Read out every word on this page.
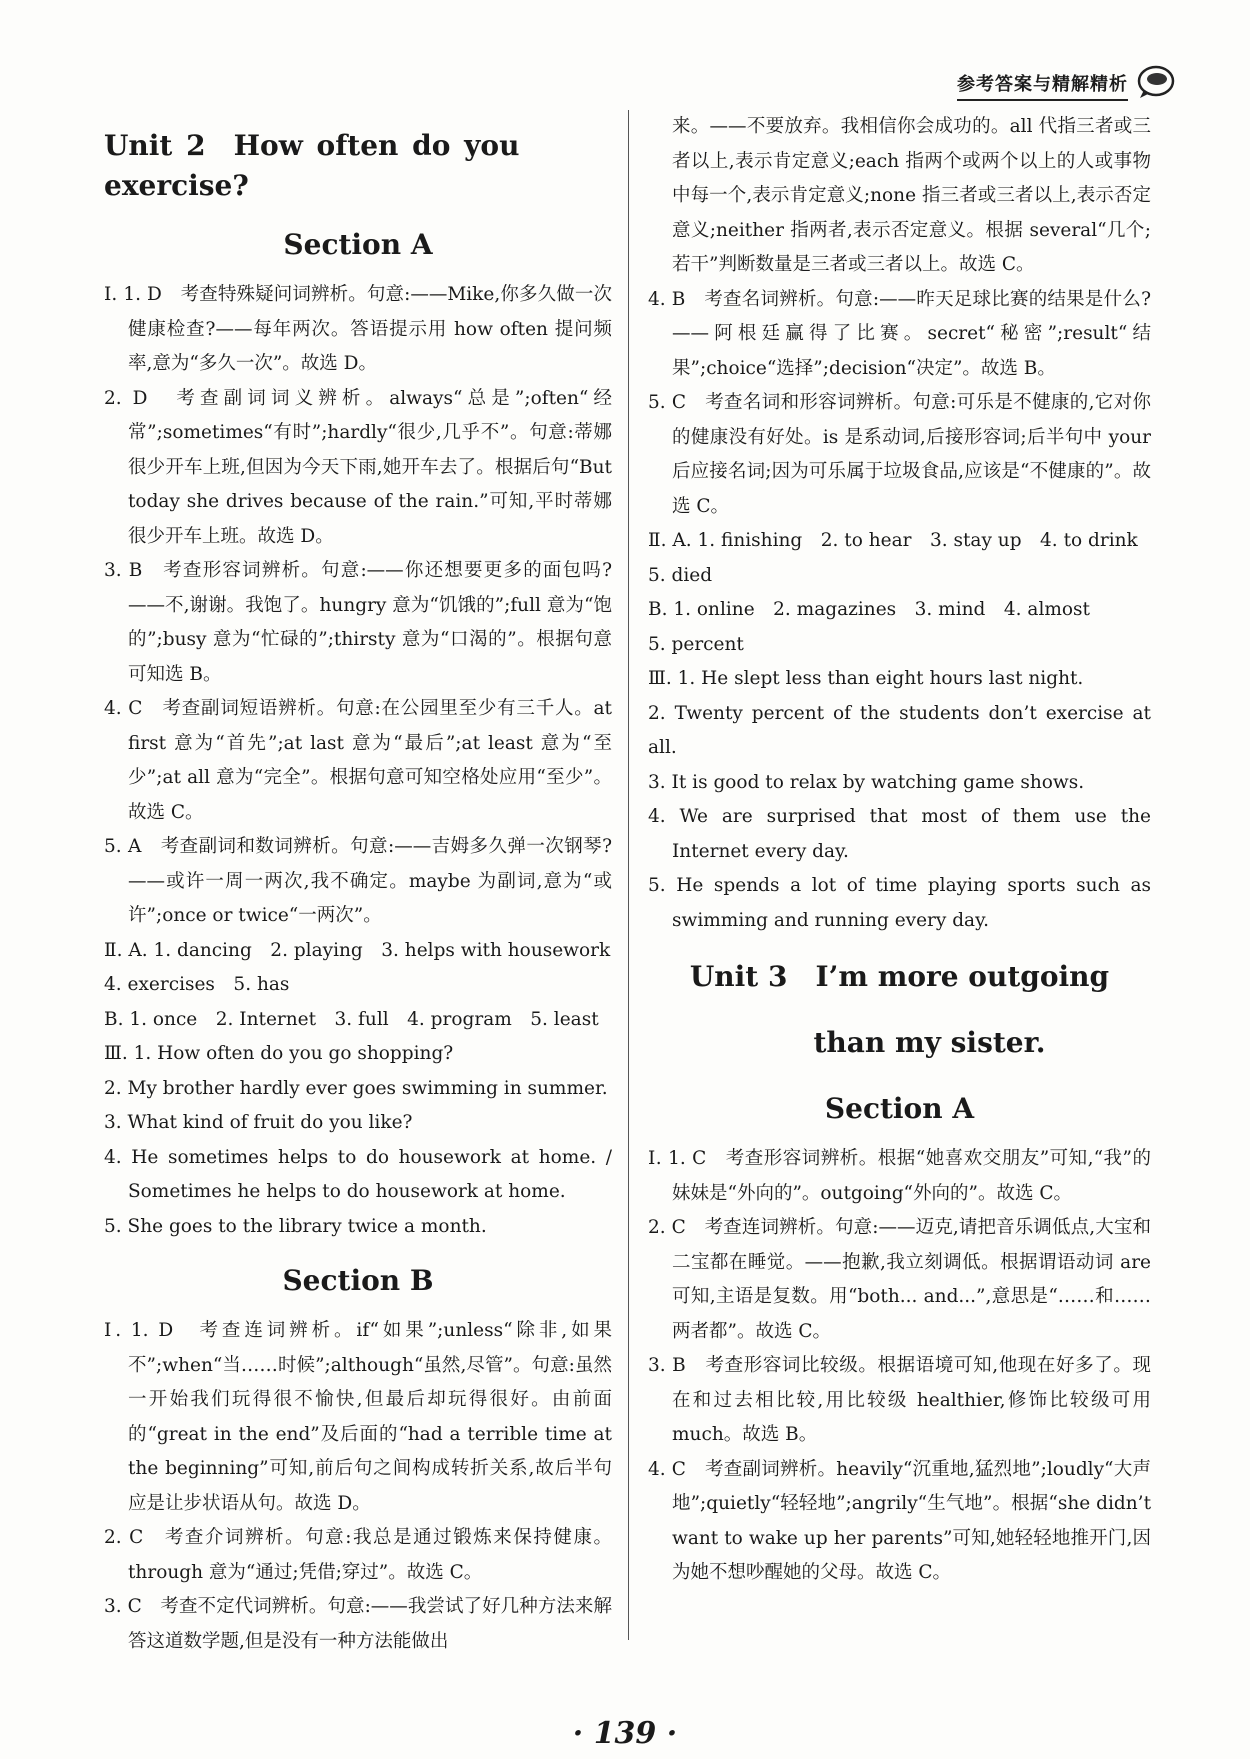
参考答案与精解精析
Unit 2　How often do you exercise?
Section A
Ⅰ. 1. D　考查特殊疑问词辨析。句意:——Mike,你多久做一次健康检查?——每年两次。答语提示用 how often 提问频率,意为“多久一次”。故选 D。
2. D　考查副词词义辨析。always“总是”;often“经常”;sometimes“有时”;hardly“很少,几乎不”。句意:蒂娜很少开车上班,但因为今天下雨,她开车去了。根据后句“But today she drives because of the rain.”可知,平时蒂娜很少开车上班。故选 D。
3. B　考查形容词辨析。句意:——你还想要更多的面包吗?——不,谢谢。我饱了。hungry 意为“饥饿的”;full 意为“饱的”;busy 意为“忙碌的”;thirsty 意为“口渴的”。根据句意可知选 B。
4. C　考查副词短语辨析。句意:在公园里至少有三千人。at first 意为“首先”;at last 意为“最后”;at least 意为“至少”;at all 意为“完全”。根据句意可知空格处应用“至少”。故选 C。
5. A　考查副词和数词辨析。句意:——吉姆多久弹一次钢琴?——或许一周一两次,我不确定。maybe 为副词,意为“或许”;once or twice“一两次”。
Ⅱ. A. 1. dancing　2. playing　3. helps with housework
4. exercises　5. has
B. 1. once　2. Internet　3. full　4. program　5. least
Ⅲ. 1. How often do you go shopping?
2. My brother hardly ever goes swimming in summer.
3. What kind of fruit do you like?
4. He sometimes helps to do housework at home. / Sometimes he helps to do housework at home.
5. She goes to the library twice a month.
Section B
Ⅰ. 1. D　考查连词辨析。if“如果”;unless“除非,如果不”;when“当……时候”;although“虽然,尽管”。句意:虽然一开始我们玩得很不愉快,但最后却玩得很好。由前面的“great in the end”及后面的“had a terrible time at the beginning”可知,前后句之间构成转折关系,故后半句应是让步状语从句。故选 D。
2. C　考查介词辨析。句意:我总是通过锻炼来保持健康。through 意为“通过;凭借;穿过”。故选 C。
3. C　考查不定代词辨析。句意:——我尝试了好几种方法来解答这道数学题,但是没有一种方法能做出
来。——不要放弃。我相信你会成功的。all 代指三者或三者以上,表示肯定意义;each 指两个或两个以上的人或事物中每一个,表示肯定意义;none 指三者或三者以上,表示否定意义;neither 指两者,表示否定意义。根据 several“几个;若干”判断数量是三者或三者以上。故选 C。
4. B　考查名词辨析。句意:——昨天足球比赛的结果是什么?——阿根廷赢得了比赛。secret“秘密”;result“结果”;choice“选择”;decision“决定”。故选 B。
5. C　考查名词和形容词辨析。句意:可乐是不健康的,它对你的健康没有好处。is 是系动词,后接形容词;后半句中 your 后应接名词;因为可乐属于垃圾食品,应该是“不健康的”。故选 C。
Ⅱ. A. 1. finishing　2. to hear　3. stay up　4. to drink
5. died
B. 1. online　2. magazines　3. mind　4. almost
5. percent
Ⅲ. 1. He slept less than eight hours last night.
2. Twenty percent of the students don’t exercise at all.
3. It is good to relax by watching game shows.
4. We are surprised that most of them use the Internet every day.
5. He spends a lot of time playing sports such as swimming and running every day.
Unit 3　I’m more outgoing
than my sister.
Section A
Ⅰ. 1. C　考查形容词辨析。根据“她喜欢交朋友”可知,“我”的妹妹是“外向的”。outgoing“外向的”。故选 C。
2. C　考查连词辨析。句意:——迈克,请把音乐调低点,大宝和二宝都在睡觉。——抱歉,我立刻调低。根据谓语动词 are 可知,主语是复数。用“both... and...”,意思是“……和……两者都”。故选 C。
3. B　考查形容词比较级。根据语境可知,他现在好多了。现在和过去相比较,用比较级 healthier,修饰比较级可用 much。故选 B。
4. C　考查副词辨析。heavily“沉重地,猛烈地”;loudly“大声地”;quietly“轻轻地”;angrily“生气地”。根据“she didn’t want to wake up her parents”可知,她轻轻地推开门,因为她不想吵醒她的父母。故选 C。
· 139 ·
